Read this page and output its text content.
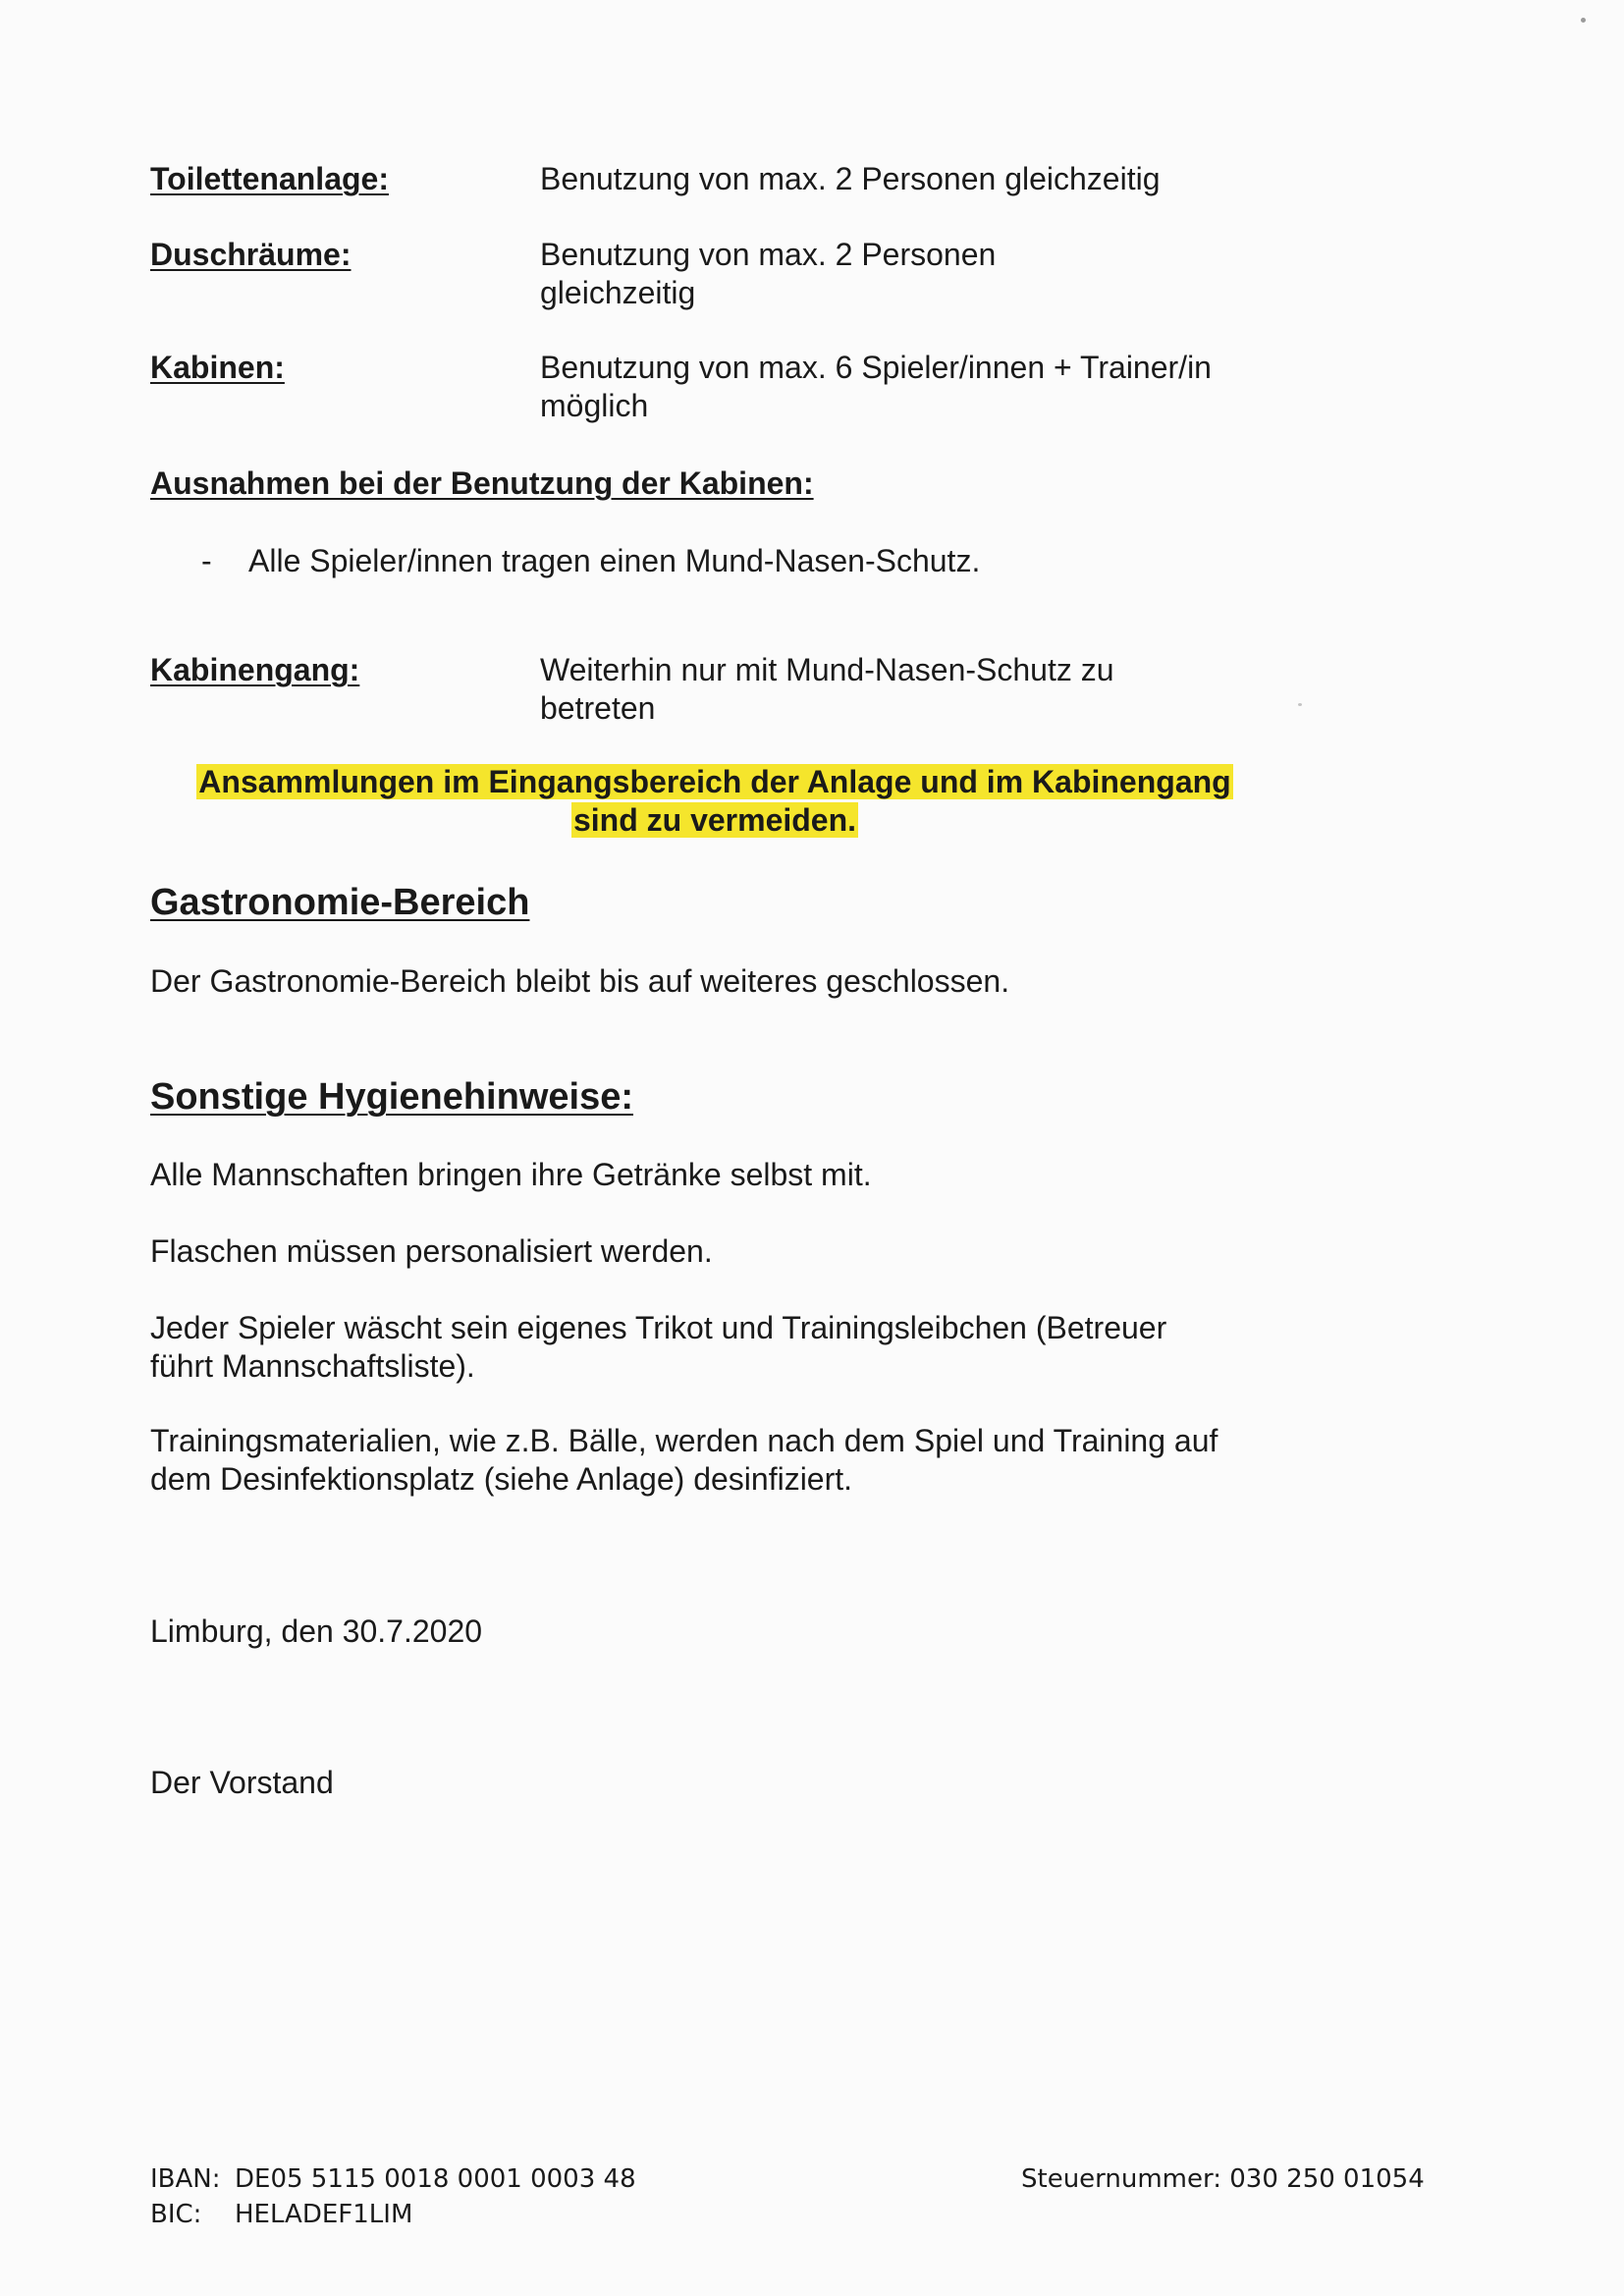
Toilettenanlage:	Benutzung von max. 2 Personen gleichzeitig
Duschräume:	Benutzung von max. 2 Personen
gleichzeitig
Kabinen:	Benutzung von max. 6 Spieler/innen + Trainer/in
möglich
Ausnahmen bei der Benutzung der Kabinen:
- Alle Spieler/innen tragen einen Mund-Nasen-Schutz.
Kabinengang:	Weiterhin nur mit Mund-Nasen-Schutz zu
betreten
Ansammlungen im Eingangsbereich der Anlage und im Kabinengang
sind zu vermeiden.
Gastronomie-Bereich
Der Gastronomie-Bereich bleibt bis auf weiteres geschlossen.
Sonstige Hygienehinweise:
Alle Mannschaften bringen ihre Getränke selbst mit.
Flaschen müssen personalisiert werden.
Jeder Spieler wäscht sein eigenes Trikot und Trainingsleibchen (Betreuer
führt Mannschaftsliste).
Trainingsmaterialien, wie z.B. Bälle, werden nach dem Spiel und Training auf
dem Desinfektionsplatz (siehe Anlage) desinfiziert.
Limburg, den 30.7.2020
Der Vorstand
IBAN: DE05 5115 0018 0001 0003 48
BIC: HELADEF1LIM
Steuernummer: 030 250 01054
